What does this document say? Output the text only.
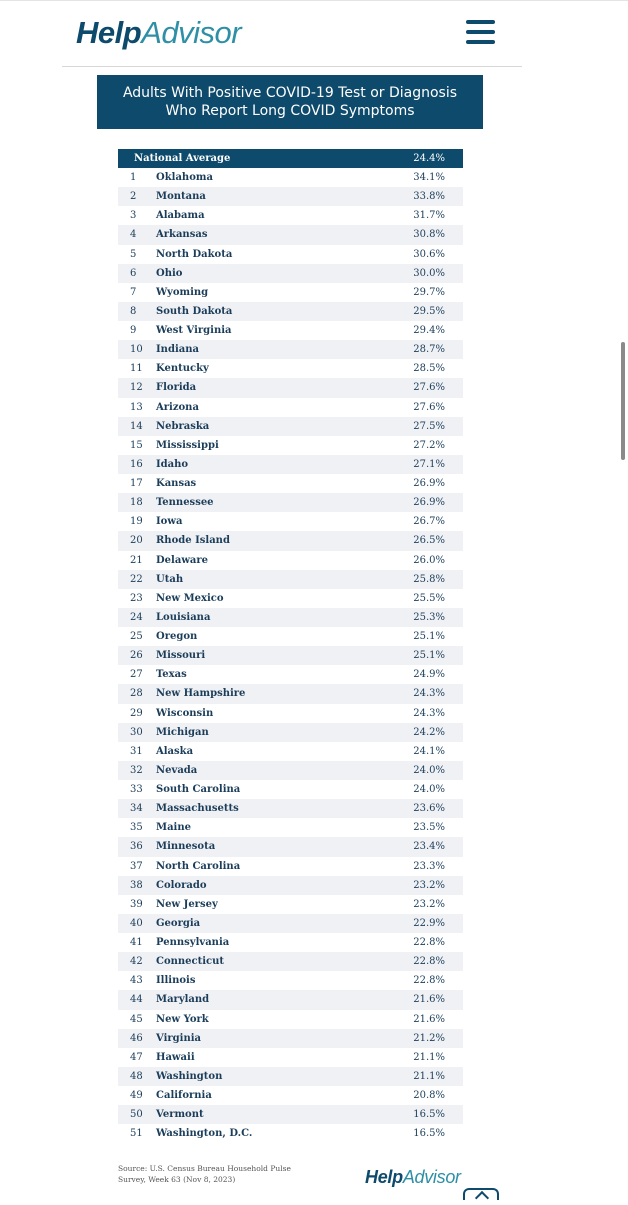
HelpAdvisor
Adults With Positive COVID-19 Test or Diagnosis
Who Report Long COVID Symptoms
National Average	24.4%
1 Oklahoma	34.1%
2 Montana	33.8%
3 Alabama	31.7%
4 Arkansas	30.8%
5 North Dakota	30.6%
6 Ohio	30.0%
7 Wyoming	29.7%
8 South Dakota	29.5%
9 West Virginia	29.4%
10 Indiana	28.7%
11 Kentucky	28.5%
12 Florida	27.6%
13 Arizona	27.6%
14 Nebraska	27.5%
15 Mississippi	27.2%
16 Idaho	27.1%
17 Kansas	26.9%
18 Tennessee	26.9%
19 Iowa	26.7%
20 Rhode Island	26.5%
21 Delaware	26.0%
22 Utah	25.8%
23 New Mexico	25.5%
24 Louisiana	25.3%
25 Oregon	25.1%
26 Missouri	25.1%
27 Texas	24.9%
28 New Hampshire	24.3%
29 Wisconsin	24.3%
30 Michigan	24.2%
31 Alaska	24.1%
32 Nevada	24.0%
33 South Carolina	24.0%
34 Massachusetts	23.6%
35 Maine	23.5%
36 Minnesota	23.4%
37 North Carolina	23.3%
38 Colorado	23.2%
39 New Jersey	23.2%
40 Georgia	22.9%
41 Pennsylvania	22.8%
42 Connecticut	22.8%
43 Illinois	22.8%
44 Maryland	21.6%
45 New York	21.6%
46 Virginia	21.2%
47 Hawaii	21.1%
48 Washington	21.1%
49 California	20.8%
50 Vermont	16.5%
51 Washington, D.C.	16.5%
Source: U.S. Census Bureau Household Pulse
Survey, Week 63 (Nov 8, 2023)	HelpAdvisor
